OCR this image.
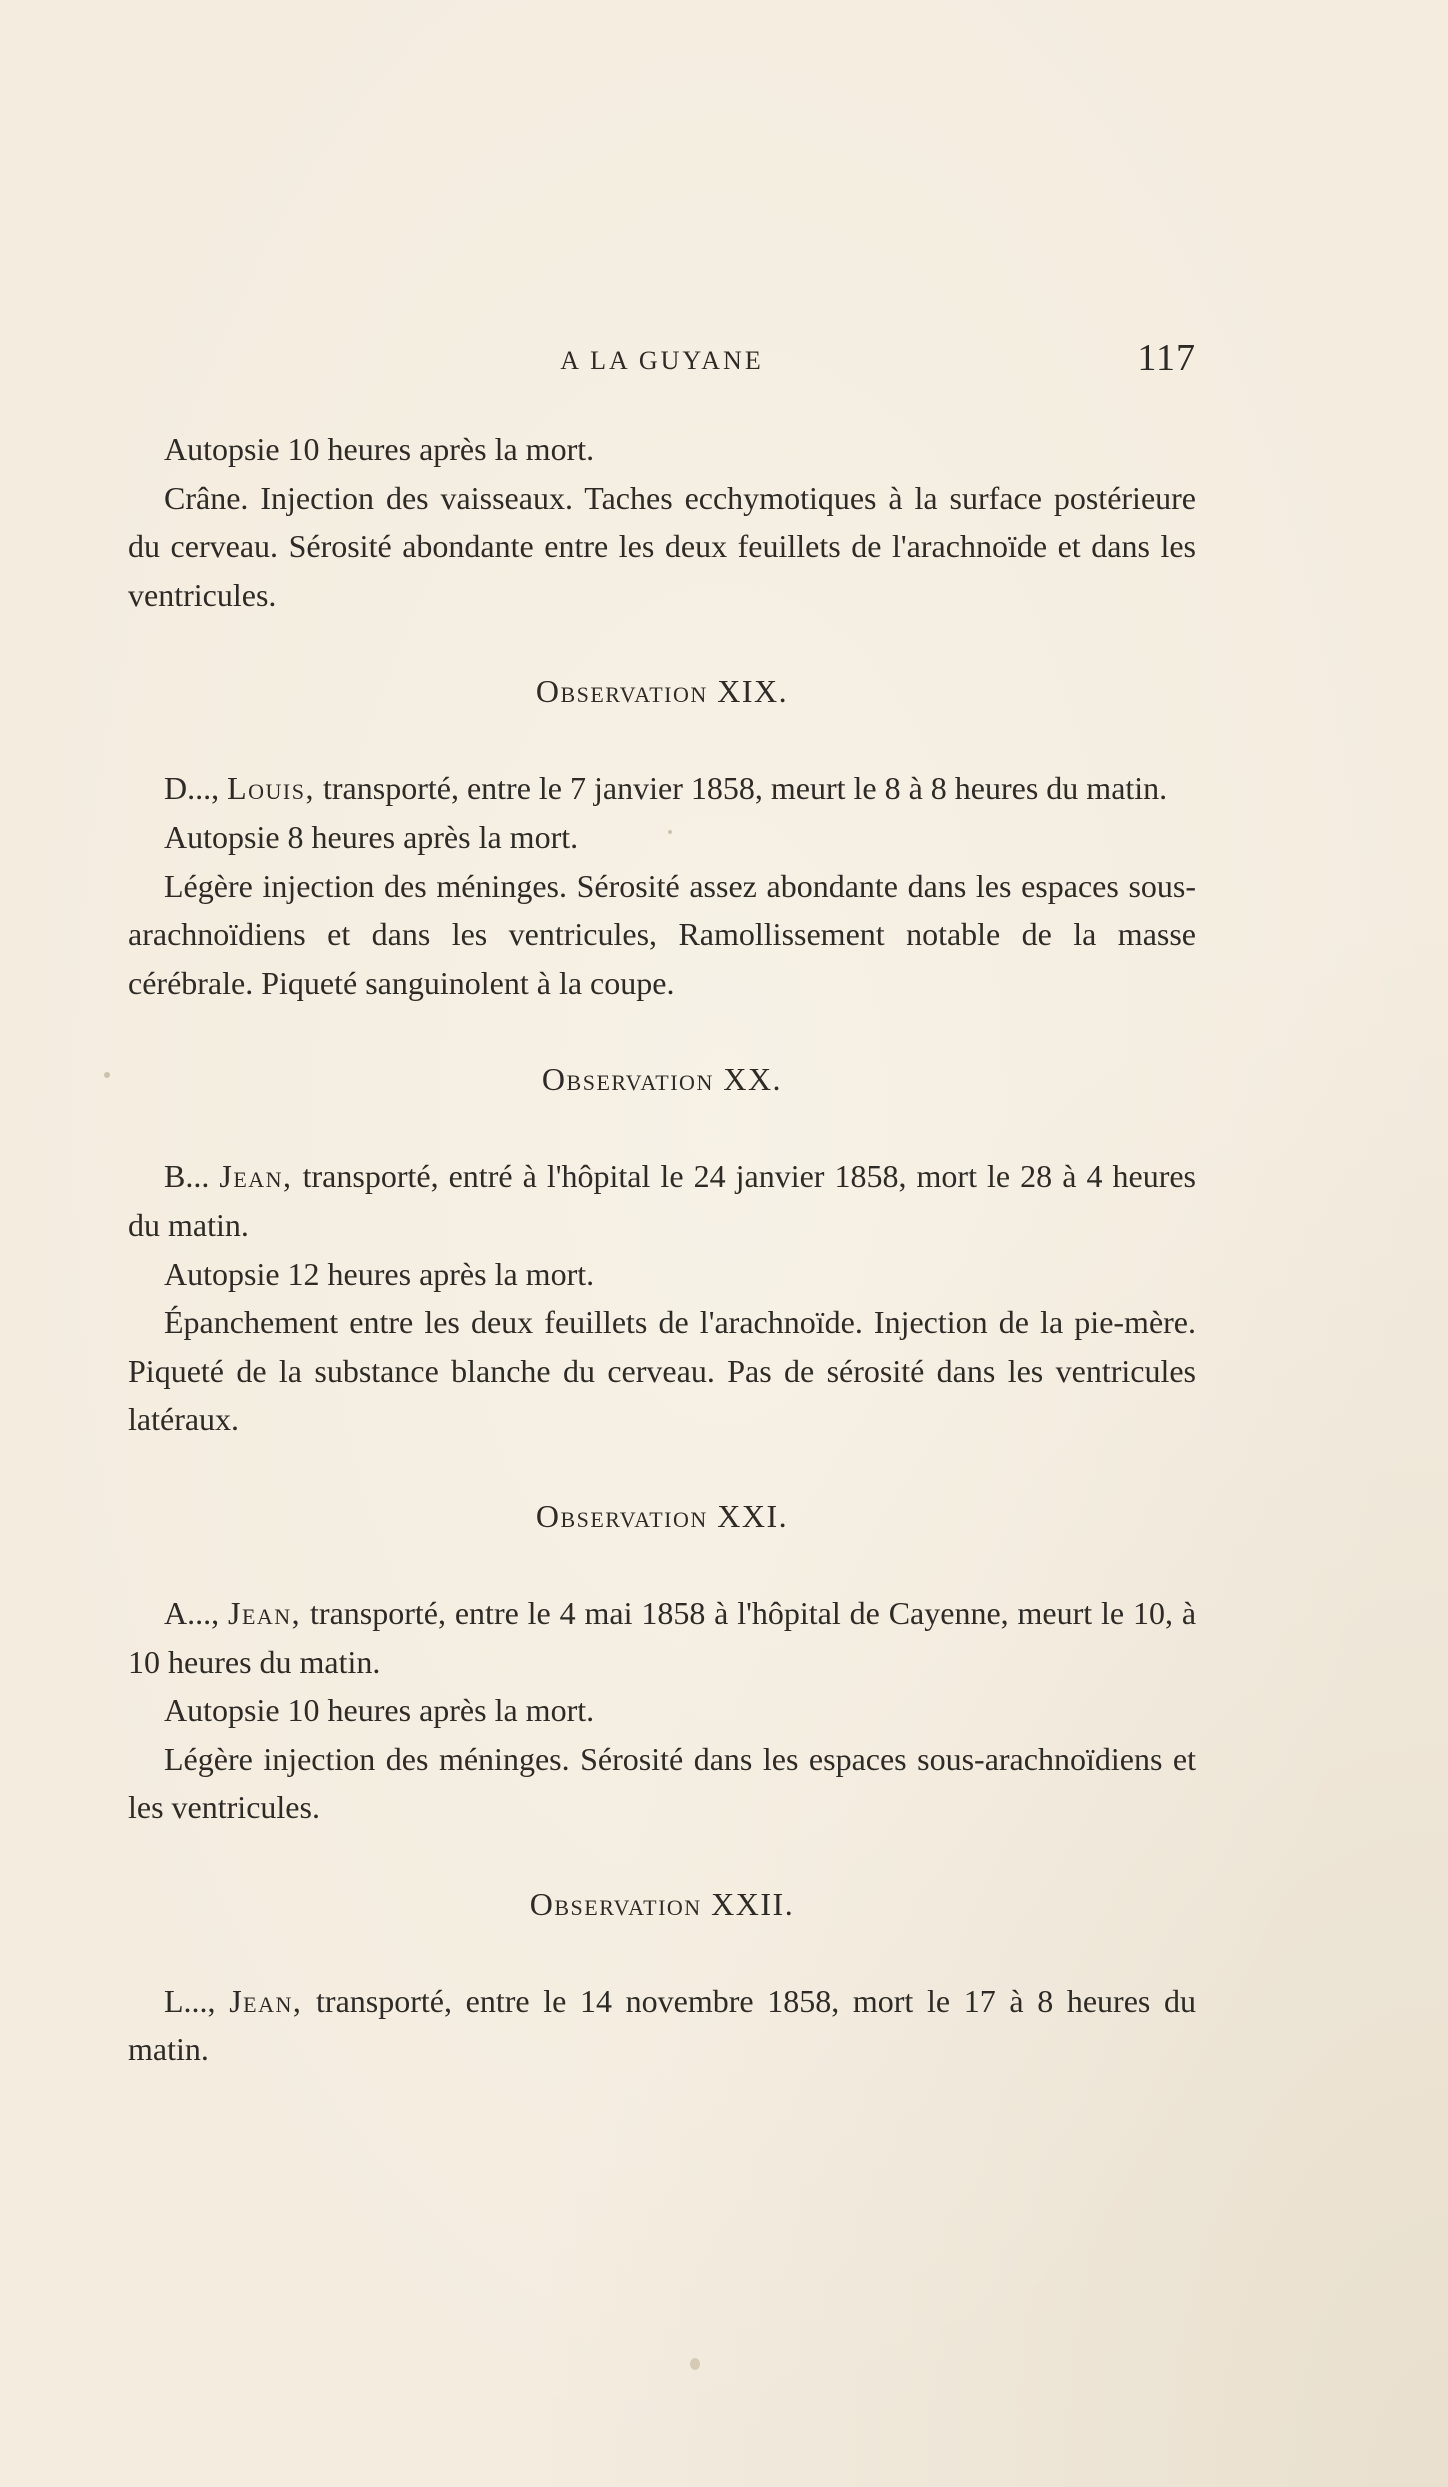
A LA GUYANE	117

Autopsie 10 heures après la mort.

Crâne. Injection des vaisseaux. Taches ecchymotiques à la surface postérieure du cerveau. Sérosité abondante entre les deux feuillets de l'arachnoïde et dans les ventricules.

Observation XIX.

D..., Louis, transporté, entre le 7 janvier 1858, meurt le 8 à 8 heures du matin.

Autopsie 8 heures après la mort.

Légère injection des méninges. Sérosité assez abondante dans les espaces sous-arachnoïdiens et dans les ventricules, Ramollissement notable de la masse cérébrale. Piqueté sanguinolent à la coupe.

Observation XX.

B... Jean, transporté, entré à l'hôpital le 24 janvier 1858, mort le 28 à 4 heures du matin.

Autopsie 12 heures après la mort.

Épanchement entre les deux feuillets de l'arachnoïde. Injection de la pie-mère. Piqueté de la substance blanche du cerveau. Pas de sérosité dans les ventricules latéraux.

Observation XXI.

A..., Jean, transporté, entre le 4 mai 1858 à l'hôpital de Cayenne, meurt le 10, à 10 heures du matin.

Autopsie 10 heures après la mort.

Légère injection des méninges. Sérosité dans les espaces sous-arachnoïdiens et les ventricules.

Observation XXII.

L..., Jean, transporté, entre le 14 novembre 1858, mort le 17 à 8 heures du matin.
